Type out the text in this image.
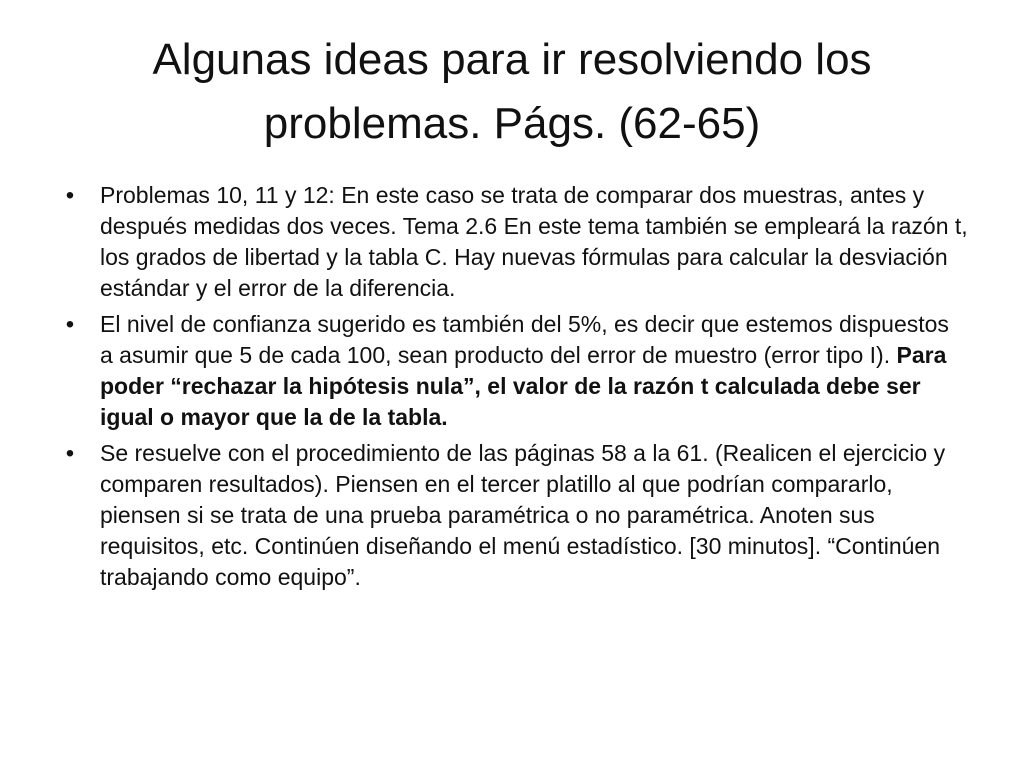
Algunas ideas para ir resolviendo los
problemas. Págs. (62-65)
•	Problemas 10, 11 y 12: En este caso se trata de comparar dos muestras, antes y después medidas dos veces. Tema 2.6 En este tema también se empleará la razón t, los grados de libertad y la tabla C. Hay nuevas fórmulas para calcular la desviación estándar y el error de la diferencia.
•	El nivel de confianza sugerido es también del 5%, es decir que estemos dispuestos a asumir que 5 de cada 100, sean producto del error de muestro (error tipo I). Para poder “rechazar la hipótesis nula”, el valor de la razón t calculada debe ser igual o mayor que la de la tabla.
•	Se resuelve con el procedimiento de las páginas 58 a la 61. (Realicen el ejercicio y comparen resultados). Piensen en el tercer platillo al que podrían compararlo, piensen si se trata de una prueba paramétrica o no paramétrica. Anoten sus requisitos, etc. Continúen diseñando el menú estadístico. [30 minutos]. “Continúen trabajando como equipo”.
